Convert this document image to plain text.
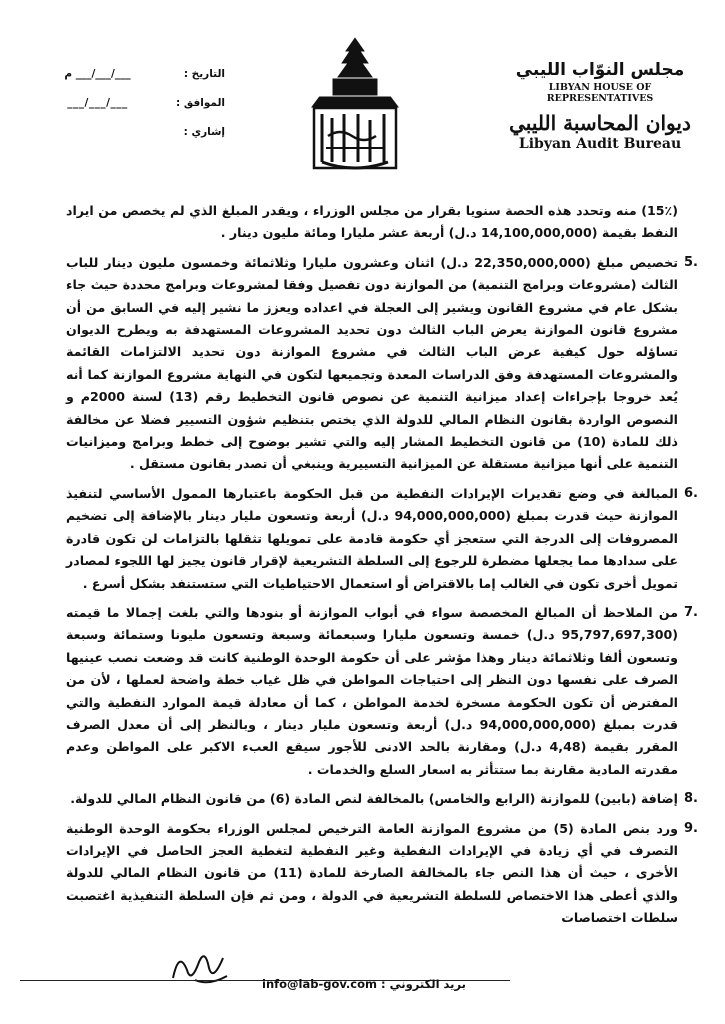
مجلس النوّاب الليبي
LIBYAN HOUSE OF REPRESENTATIVES
ديوان المحاسبة الليبي
Libyan Audit Bureau
التاريخ :
م ___/___/___
الموافق :
___/___/___
إشاري :

(15٪) منه وتحدد هذه الحصة سنويا بقرار من مجلس الوزراء ، ويقدر المبلغ الذي لم يخصص من ايراد النفط بقيمة (14,100,000,000 د.ل) أربعة عشر مليارا ومائة مليون دينار .

5.
تخصيص مبلغ (22,350,000,000 د.ل) اثنان وعشرون مليارا وثلاثمائة وخمسون مليون دينار للباب الثالث (مشروعات وبرامج التنمية) من الموازنة دون تفصيل وفقا لمشروعات وبرامج محددة حيث جاء بشكل عام في مشروع القانون ويشير إلى العجلة في اعداده ويعزز ما نشير إليه في السابق من أن مشروع قانون الموازنة يعرض الباب الثالث دون تحديد المشروعات المستهدفة به ويطرح الديوان تساؤله حول كيفية عرض الباب الثالث في مشروع الموازنة دون تحديد الالتزامات القائمة والمشروعات المستهدفة وفق الدراسات المعدة وتجميعها لتكون في النهاية مشروع الموازنة كما أنه يُعد خروجا بإجراءات إعداد ميزانية التنمية عن نصوص قانون التخطيط رقم (13) لسنة 2000م و النصوص الواردة بقانون النظام المالي للدولة الذي يختص بتنظيم شؤون التسيير فضلا عن مخالفة ذلك للمادة (10) من قانون التخطيط المشار إليه والتي تشير بوضوح إلى خطط وبرامج وميزانيات التنمية على أنها ميزانية مستقلة عن الميزانية التسييرية وينبغي أن تصدر بقانون مستقل .
6.
المبالغة في وضع تقديرات الإيرادات النفطية من قبل الحكومة باعتبارها الممول الأساسي لتنفيذ الموازنة حيث قدرت بمبلغ (94,000,000,000 د.ل) أربعة وتسعون مليار دينار بالإضافة إلى تضخيم المصروفات إلى الدرجة التي ستعجز أي حكومة قادمة على تمويلها تثقلها بالتزامات لن تكون قادرة على سدادها مما يجعلها مضطرة للرجوع إلى السلطة التشريعية لإقرار قانون يجيز لها اللجوء لمصادر تمويل أخرى تكون في الغالب إما بالاقتراض أو استعمال الاحتياطيات التي ستستنفد بشكل أسرع .
7.
من الملاحظ أن المبالغ المخصصة سواء في أبواب الموازنة أو بنودها والتي بلغت إجمالا ما قيمته (95,797,697,300 د.ل) خمسة وتسعون مليارا وسبعمائة وسبعة وتسعون مليونا وستمائة وسبعة وتسعون ألفا وثلاثمائة دينار وهذا مؤشر على أن حكومة الوحدة الوطنية كانت قد وضعت نصب عينيها الصرف على نفسها دون النظر إلى احتياجات المواطن في ظل غياب خطة واضحة لعملها ، لأن من المفترض أن تكون الحكومة مسخرة لخدمة المواطن ، كما أن معادلة قيمة الموارد النفطية والتي قدرت بمبلغ (94,000,000,000 د.ل) أربعة وتسعون مليار دينار ، وبالنظر إلى أن معدل الصرف المقرر بقيمة (4,48 د.ل) ومقارنة بالحد الادنى للأجور سيقع العبء الاكبر على المواطن وعدم مقدرته المادية مقارنة بما ستتأثر به اسعار السلع والخدمات .
8.
إضافة (بابين) للموازنة (الرابع والخامس) بالمخالفة لنص المادة (6) من قانون النظام المالي للدولة.
9.
ورد بنص المادة (5) من مشروع الموازنة العامة الترخيص لمجلس الوزراء بحكومة الوحدة الوطنية التصرف في أي زيادة في الإيرادات النفطية وغير النفطية لتغطية العجز الحاصل في الإيرادات الأخرى ، حيث أن هذا النص جاء بالمخالفة الصارخة للمادة (11) من قانون النظام المالي للدولة والذي أعطى هذا الاختصاص للسلطة التشريعية في الدولة ، ومن ثم فإن السلطة التنفيذية اغتصبت سلطات اختصاصات
بريد الكتروني : info@lab-gov.com
